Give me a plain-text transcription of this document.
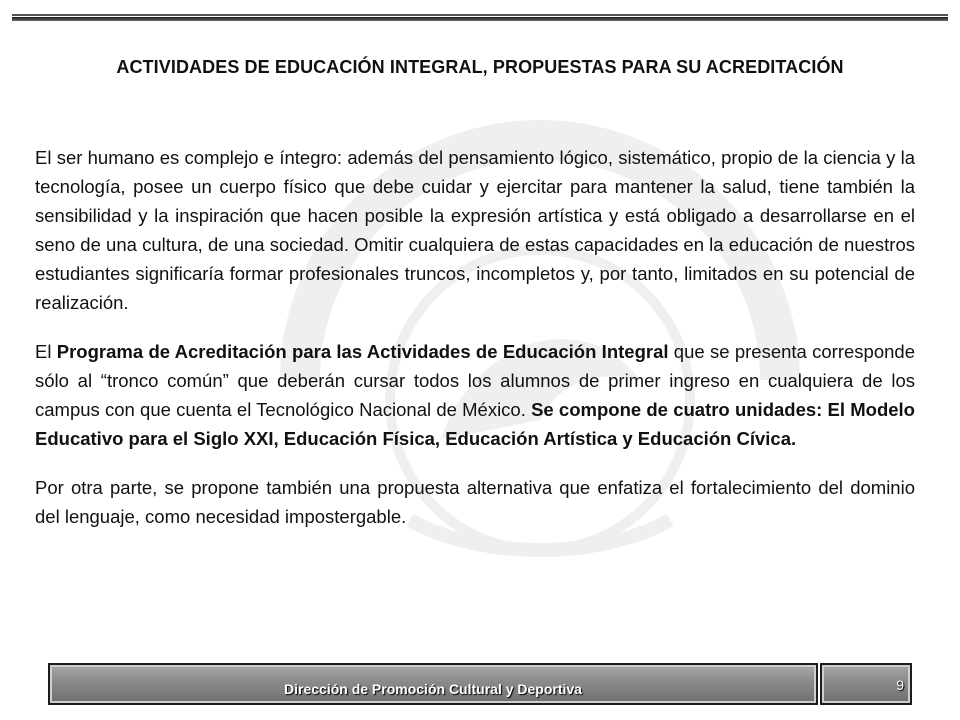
ACTIVIDADES DE EDUCACIÓN INTEGRAL, PROPUESTAS PARA SU ACREDITACIÓN

El ser humano es complejo e íntegro: además del pensamiento lógico, sistemático, propio de la ciencia y la tecnología, posee un cuerpo físico que debe cuidar y ejercitar para mantener la salud, tiene también la sensibilidad y la inspiración que hacen posible la expresión artística y está obligado a desarrollarse en el seno de una cultura, de una sociedad. Omitir cualquiera de estas capacidades en la educación de nuestros estudiantes significaría formar profesionales truncos, incompletos y, por tanto, limitados en su potencial de realización.

El Programa de Acreditación para las Actividades de Educación Integral que se presenta corresponde sólo al “tronco común” que deberán cursar todos los alumnos de primer ingreso en cualquiera de los campus con que cuenta el Tecnológico Nacional de México. Se compone de cuatro unidades: El Modelo Educativo para el Siglo XXI, Educación Física, Educación Artística y Educación Cívica.

Por otra parte, se propone también una propuesta alternativa que enfatiza el fortalecimiento del dominio del lenguaje, como necesidad impostergable.

Dirección de Promoción Cultural y Deportiva	9
